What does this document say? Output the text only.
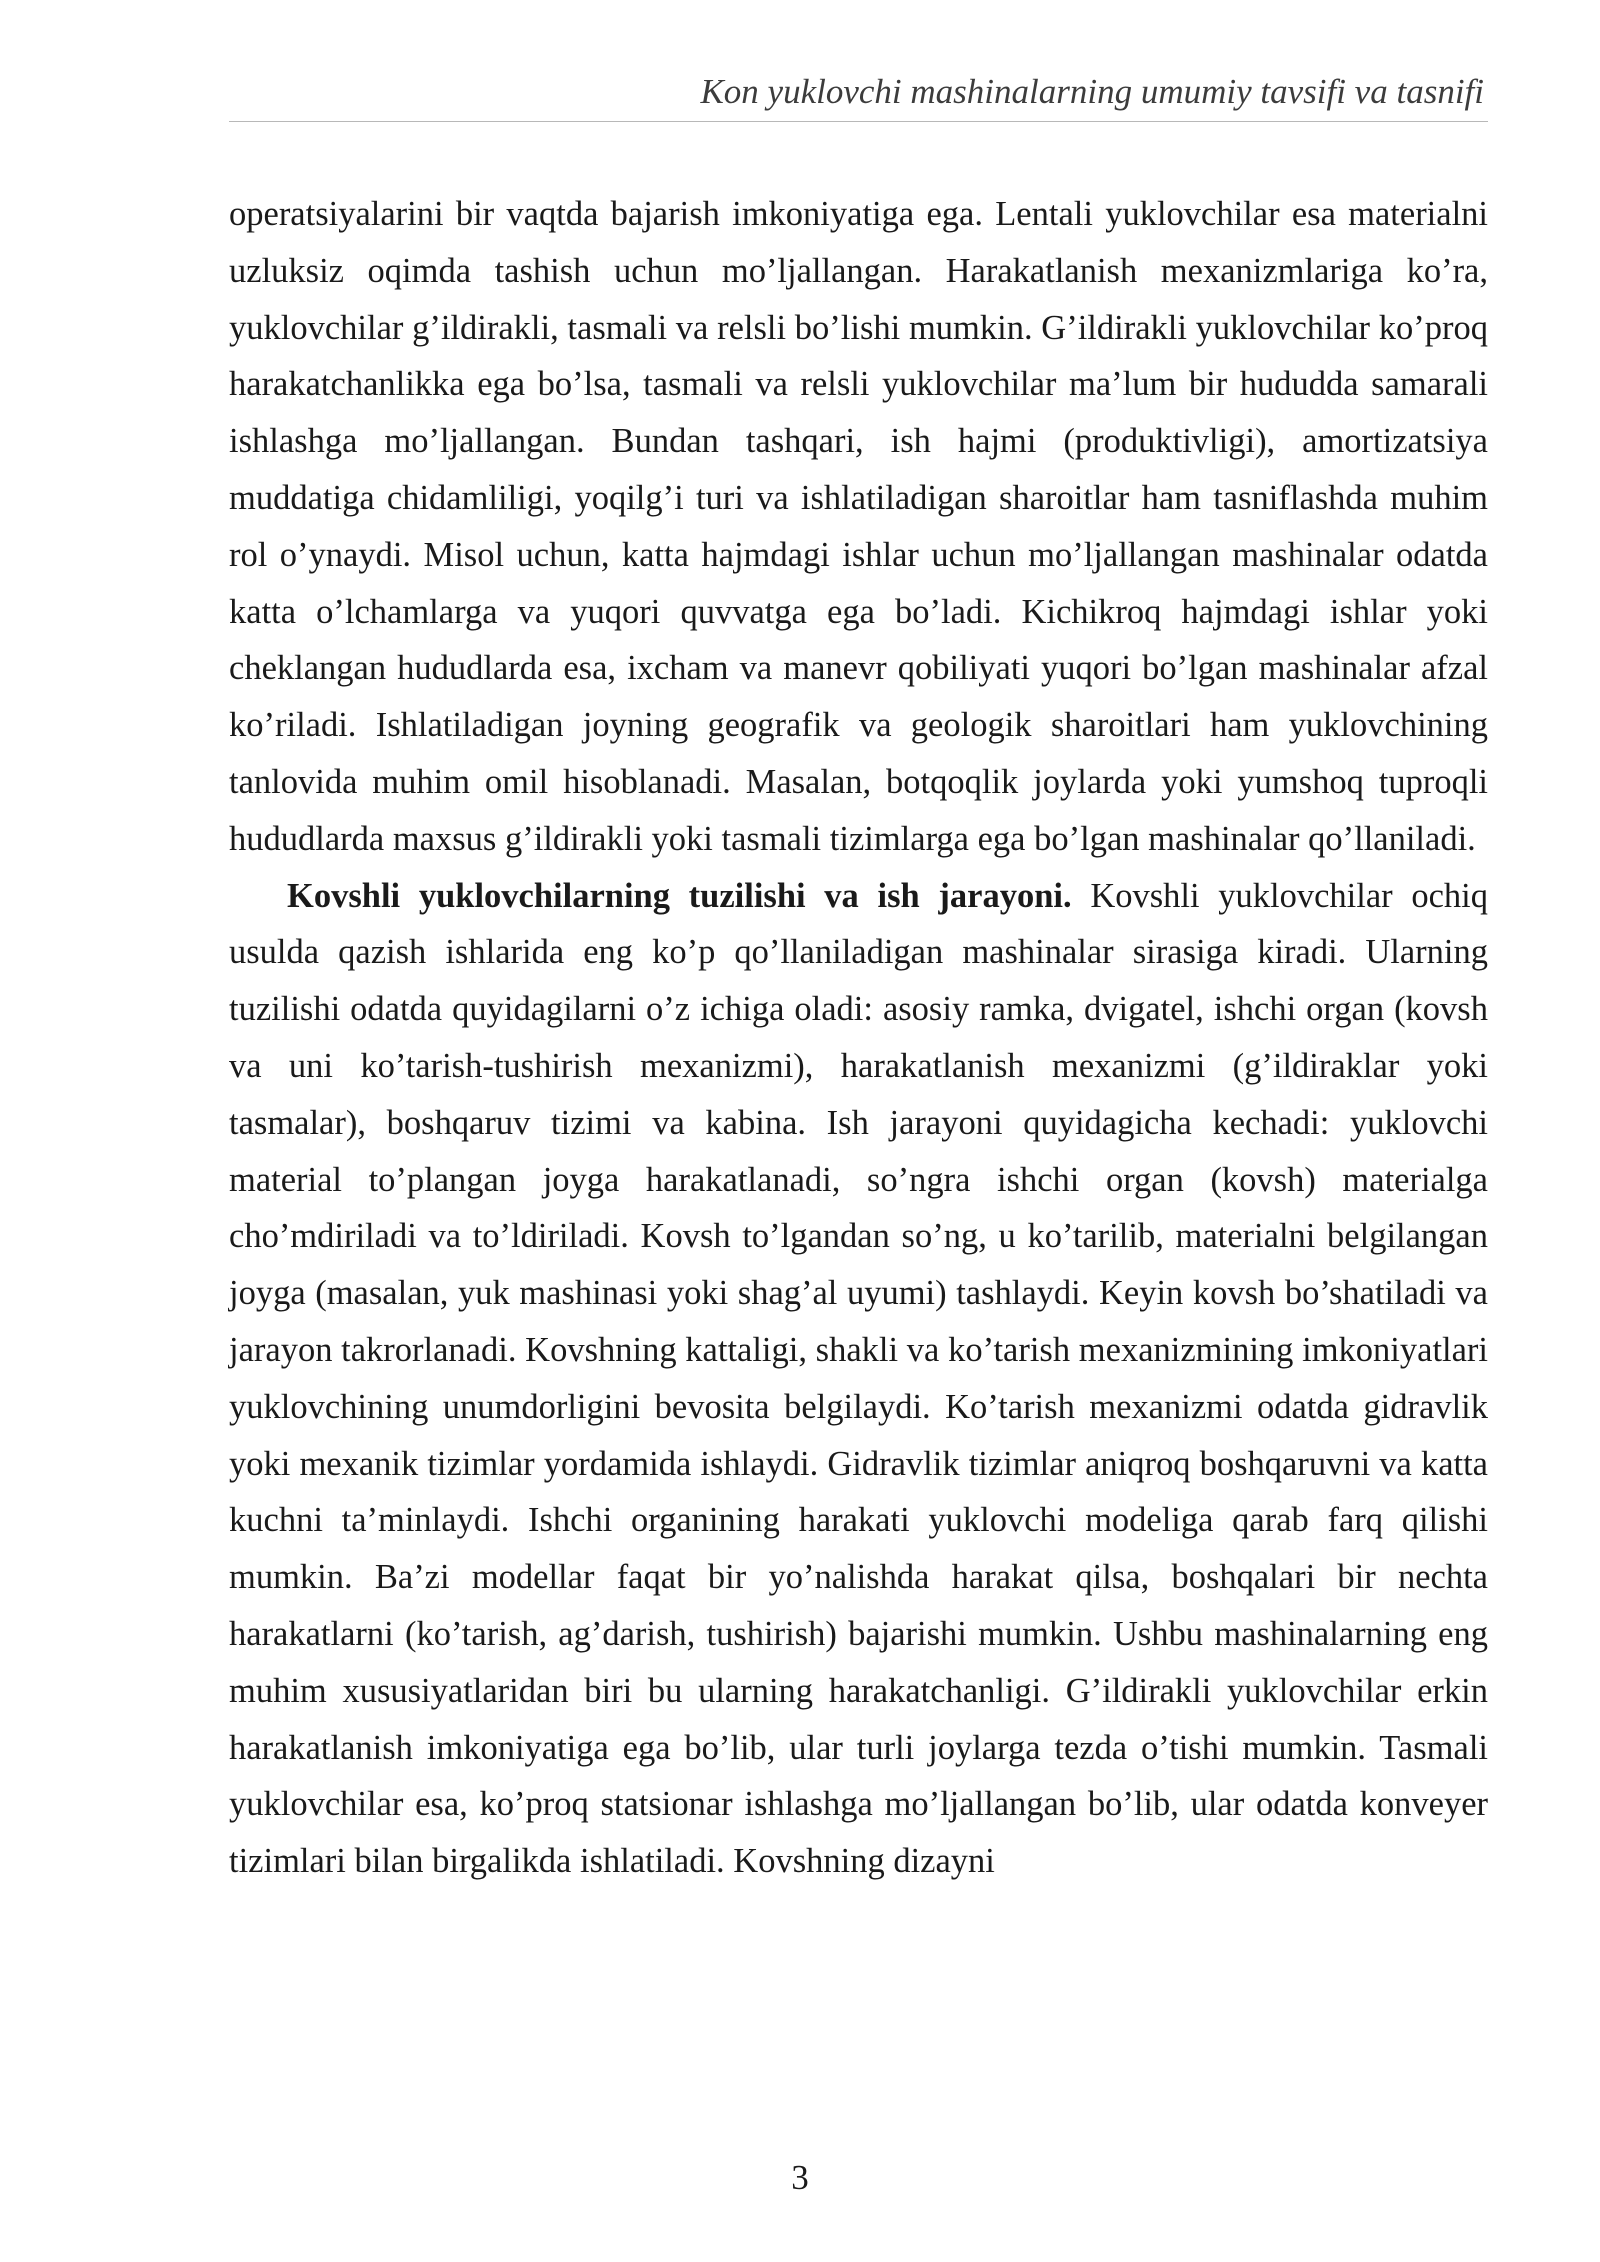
Kon yuklovchi mashinalarning umumiy tavsifi va tasnifi

operatsiyalarini bir vaqtda bajarish imkoniyatiga ega. Lentali yuklovchilar esa materialni uzluksiz oqimda tashish uchun mo’ljallangan. Harakatlanish mexanizmlariga ko’ra, yuklovchilar g’ildirakli, tasmali va relsli bo’lishi mumkin. G’ildirakli yuklovchilar ko’proq harakatchanlikka ega bo’lsa, tasmali va relsli yuklovchilar ma’lum bir hududda samarali ishlashga mo’ljallangan. Bundan tashqari, ish hajmi (produktivligi), amortizatsiya muddatiga chidamliligi, yoqilg’i turi va ishlatiladigan sharoitlar ham tasniflashda muhim rol o’ynaydi. Misol uchun, katta hajmdagi ishlar uchun mo’ljallangan mashinalar odatda katta o’lchamlarga va yuqori quvvatga ega bo’ladi. Kichikroq hajmdagi ishlar yoki cheklangan hududlarda esa, ixcham va manevr qobiliyati yuqori bo’lgan mashinalar afzal ko’riladi. Ishlatiladigan joyning geografik va geologik sharoitlari ham yuklovchining tanlovida muhim omil hisoblanadi. Masalan, botqoqlik joylarda yoki yumshoq tuproqli hududlarda maxsus g’ildirakli yoki tasmali tizimlarga ega bo’lgan mashinalar qo’llaniladi.

Kovshli yuklovchilarning tuzilishi va ish jarayoni. Kovshli yuklovchilar ochiq usulda qazish ishlarida eng ko’p qo’llaniladigan mashinalar sirasiga kiradi. Ularning tuzilishi odatda quyidagilarni o’z ichiga oladi: asosiy ramka, dvigatel, ishchi organ (kovsh va uni ko’tarish-tushirish mexanizmi), harakatlanish mexanizmi (g’ildiraklar yoki tasmalar), boshqaruv tizimi va kabina. Ish jarayoni quyidagicha kechadi: yuklovchi material to’plangan joyga harakatlanadi, so’ngra ishchi organ (kovsh) materialga cho’mdiriladi va to’ldiriladi. Kovsh to’lgandan so’ng, u ko’tarilib, materialni belgilangan joyga (masalan, yuk mashinasi yoki shag’al uyumi) tashlaydi. Keyin kovsh bo’shatiladi va jarayon takrorlanadi. Kovshning kattaligi, shakli va ko’tarish mexanizmining imkoniyatlari yuklovchining unumdorligini bevosita belgilaydi. Ko’tarish mexanizmi odatda gidravlik yoki mexanik tizimlar yordamida ishlaydi. Gidravlik tizimlar aniqroq boshqaruvni va katta kuchni ta’minlaydi. Ishchi organining harakati yuklovchi modeliga qarab farq qilishi mumkin. Ba’zi modellar faqat bir yo’nalishda harakat qilsa, boshqalari bir nechta harakatlarni (ko’tarish, ag’darish, tushirish) bajarishi mumkin. Ushbu mashinalarning eng muhim xususiyatlaridan biri bu ularning harakatchanligi. G’ildirakli yuklovchilar erkin harakatlanish imkoniyatiga ega bo’lib, ular turli joylarga tezda o’tishi mumkin. Tasmali yuklovchilar esa, ko’proq statsionar ishlashga mo’ljallangan bo’lib, ular odatda konveyer tizimlari bilan birgalikda ishlatiladi. Kovshning dizayni

3
